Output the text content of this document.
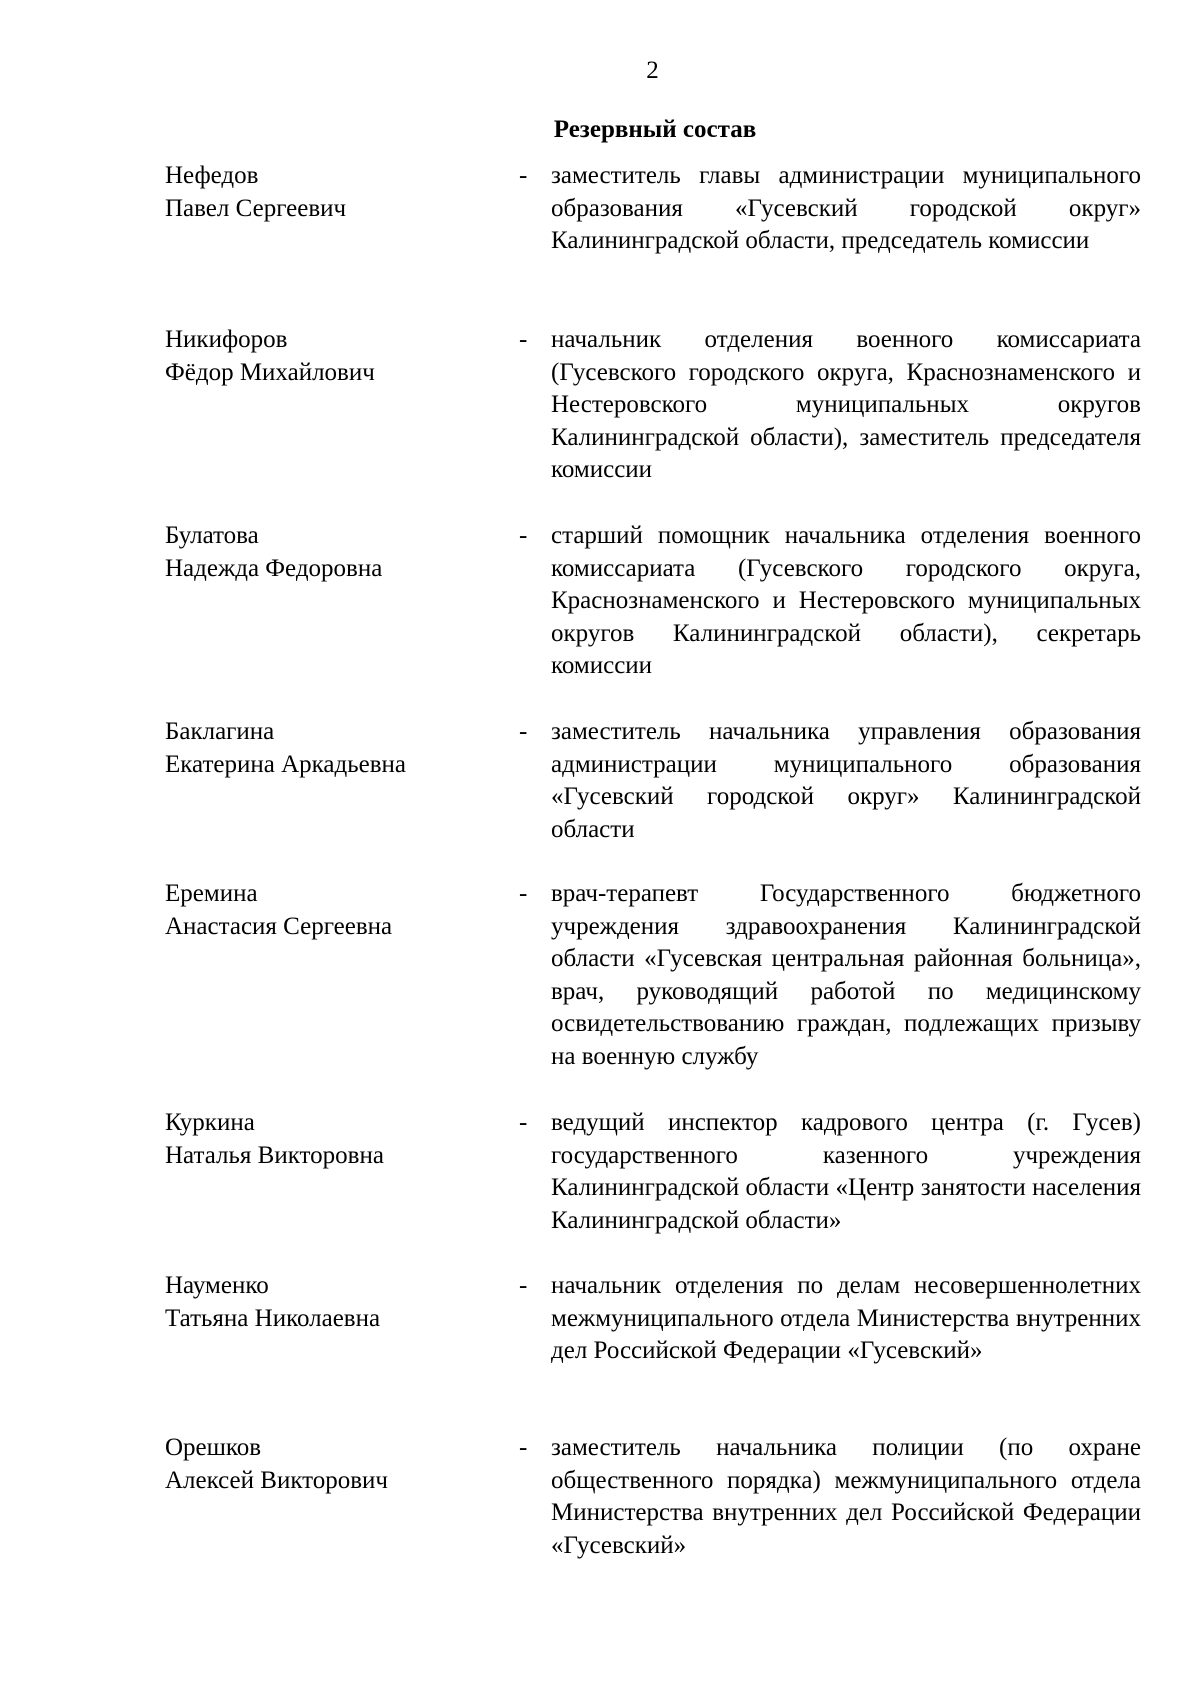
2
Резервный состав
Нефедов
Павел Сергеевич
- заместитель главы администрации муниципального образования «Гусевский городской округ» Калининградской области, председатель комиссии
Никифоров
Фёдор Михайлович
- начальник отделения военного комиссариата (Гусевского городского округа, Краснознаменского и Нестеровского муниципальных округов Калининградской области), заместитель председателя комиссии
Булатова
Надежда Федоровна
- старший помощник начальника отделения военного комиссариата (Гусевского городского округа, Краснознаменского и Нестеровского муниципальных округов Калининградской области), секретарь комиссии
Баклагина
Екатерина Аркадьевна
- заместитель начальника управления образования администрации муниципального образования «Гусевский городской округ» Калининградской области
Еремина
Анастасия Сергеевна
- врач-терапевт Государственного бюджетного учреждения здравоохранения Калининградской области «Гусевская центральная районная больница», врач, руководящий работой по медицинскому освидетельствованию граждан, подлежащих призыву на военную службу
Куркина
Наталья Викторовна
- ведущий инспектор кадрового центра (г. Гусев) государственного казенного учреждения Калининградской области «Центр занятости населения Калининградской области»
Науменко
Татьяна Николаевна
- начальник отделения по делам несовершеннолетних межмуниципального отдела Министерства внутренних дел Российской Федерации «Гусевский»
Орешков
Алексей Викторович
- заместитель начальника полиции (по охране общественного порядка) межмуниципального отдела Министерства внутренних дел Российской Федерации «Гусевский»
